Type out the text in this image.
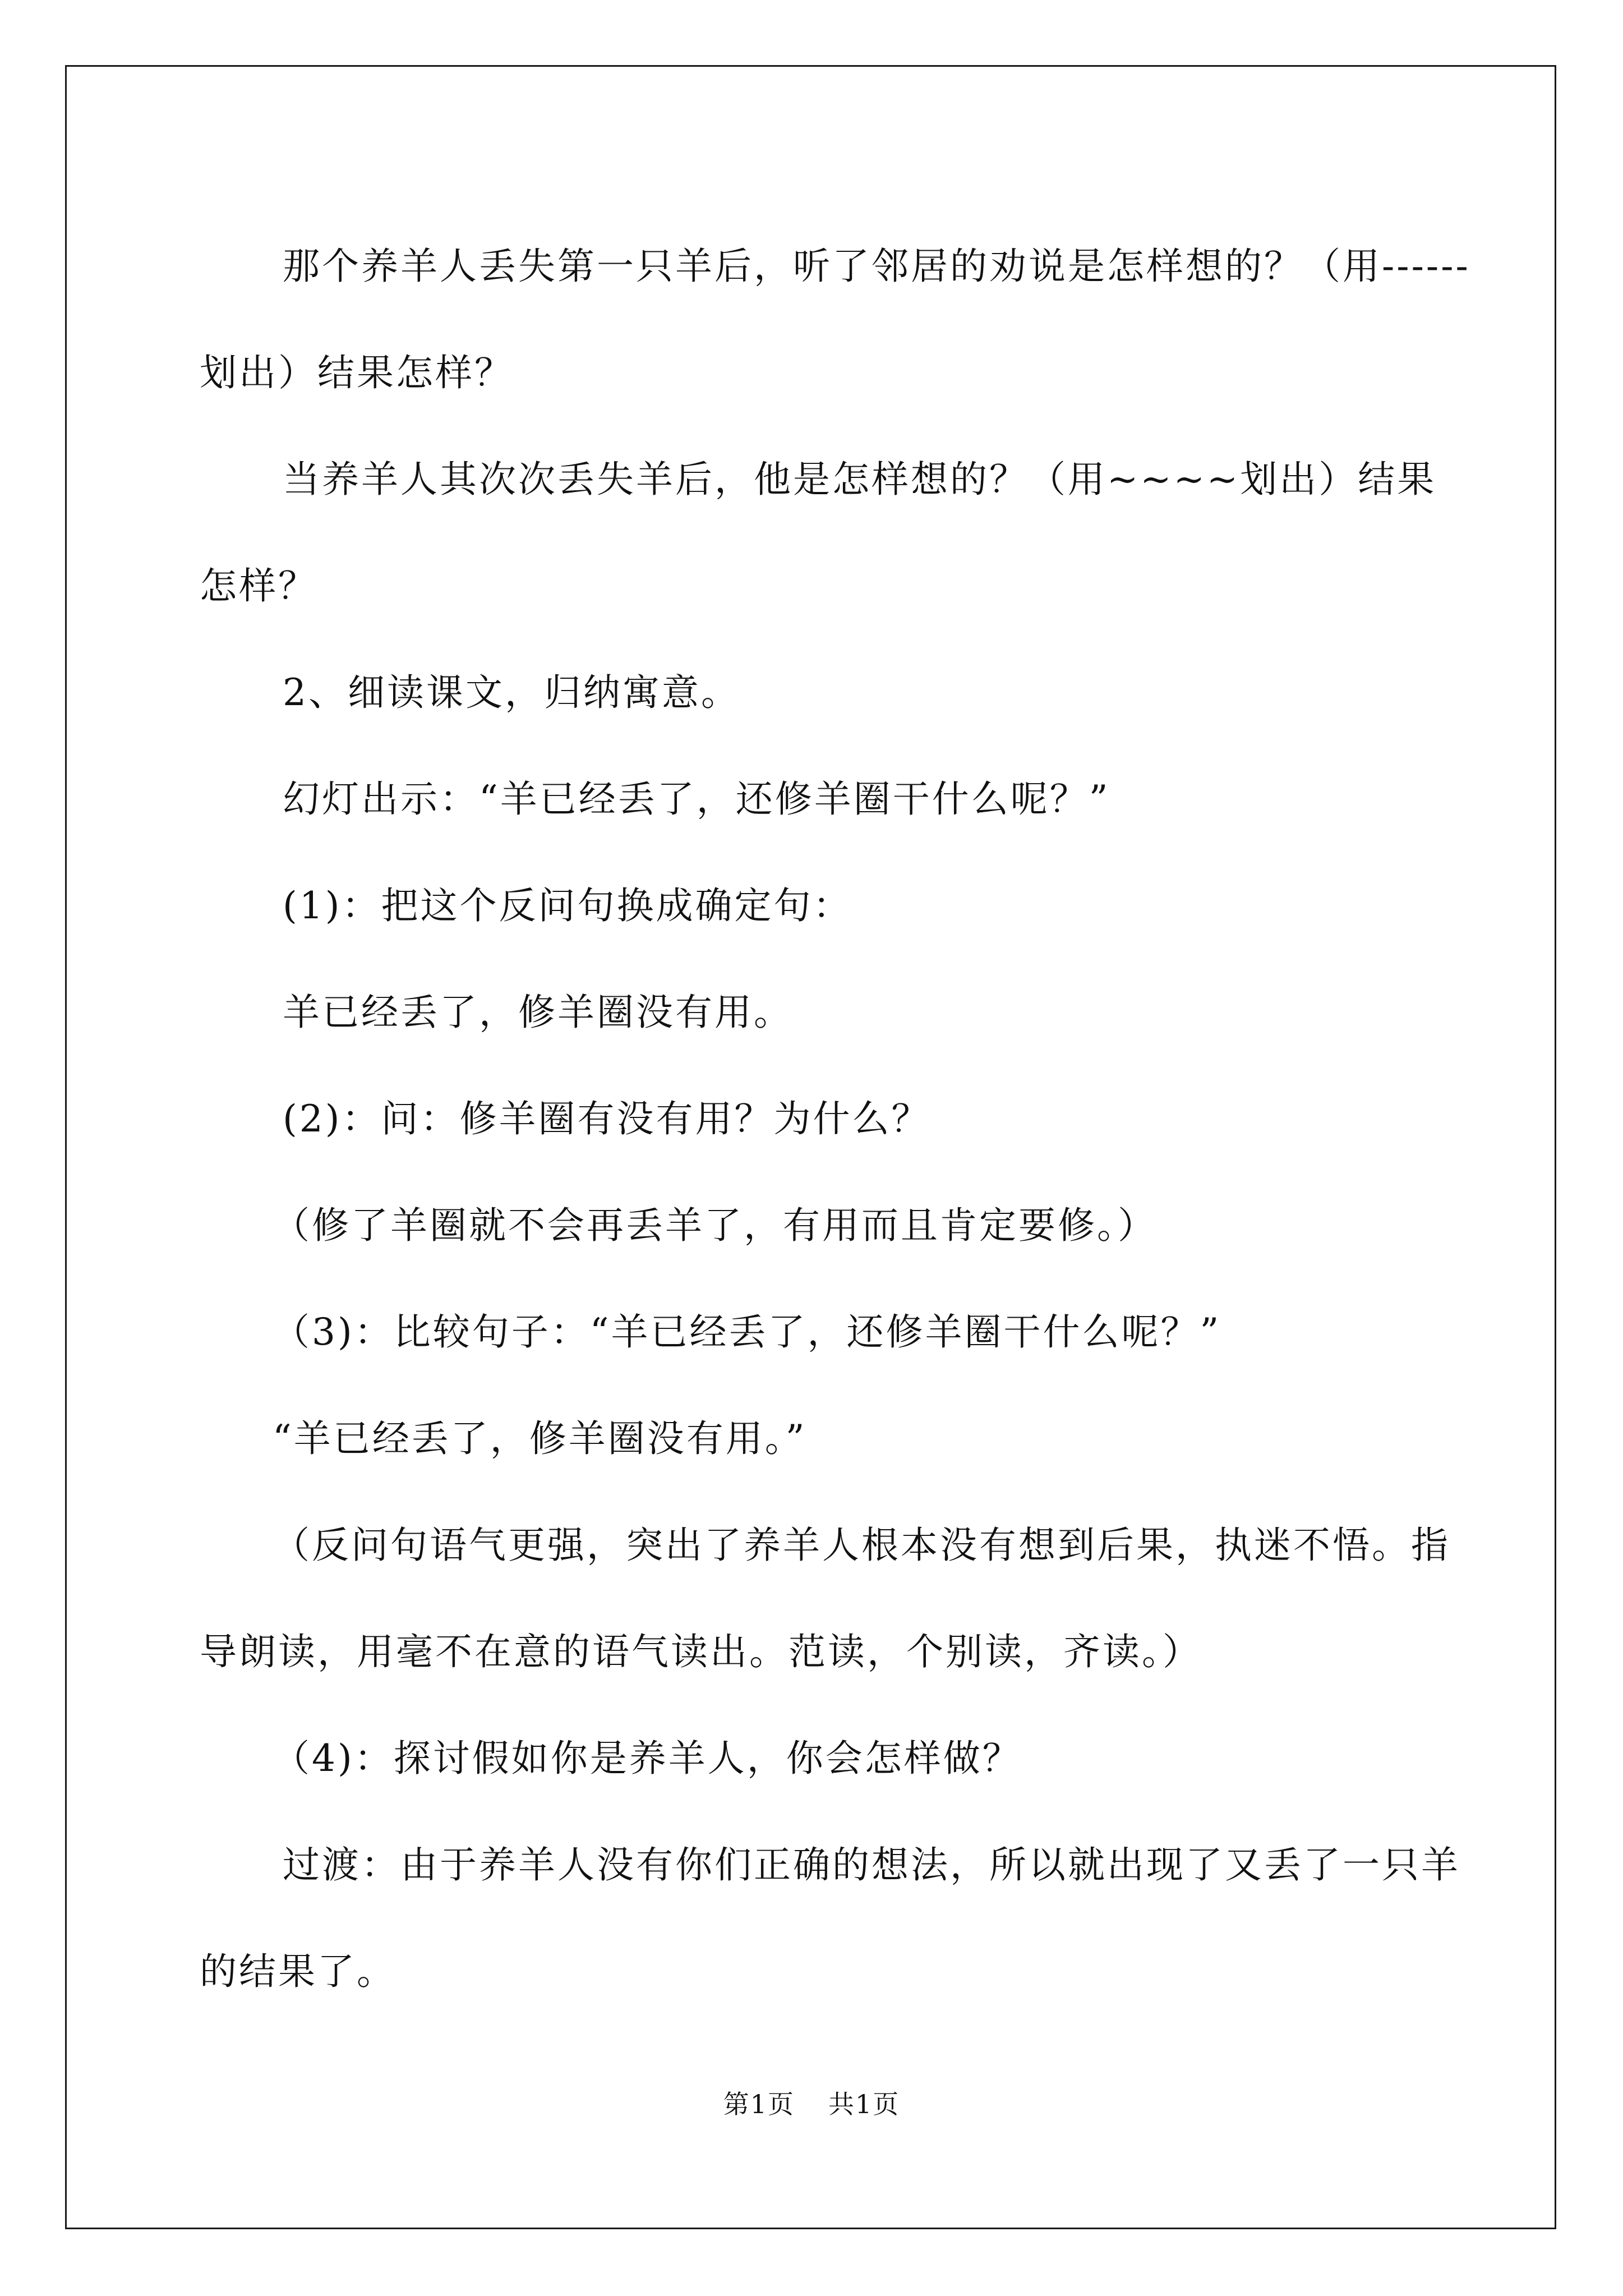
那个养羊人丢失第一只羊后，听了邻居的劝说是怎样想的？（用------划出）结果怎样？

当养羊人其次次丢失羊后，他是怎样想的？（用~~~~划出）结果怎样？

2、细读课文，归纳寓意。

幻灯出示：“羊已经丢了，还修羊圈干什么呢？”

(1)：把这个反问句换成确定句：

羊已经丢了，修羊圈没有用。

(2)：问：修羊圈有没有用？为什么？

（修了羊圈就不会再丢羊了，有用而且肯定要修。）

（3)：比较句子：“羊已经丢了，还修羊圈干什么呢？”

“羊已经丢了，修羊圈没有用。”

（反问句语气更强，突出了养羊人根本没有想到后果，执迷不悟。指导朗读，用毫不在意的语气读出。范读，个别读，齐读。）

（4)：探讨假如你是养羊人，你会怎样做？

过渡：由于养羊人没有你们正确的想法，所以就出现了又丢了一只羊的结果了。

第1页 共1页
